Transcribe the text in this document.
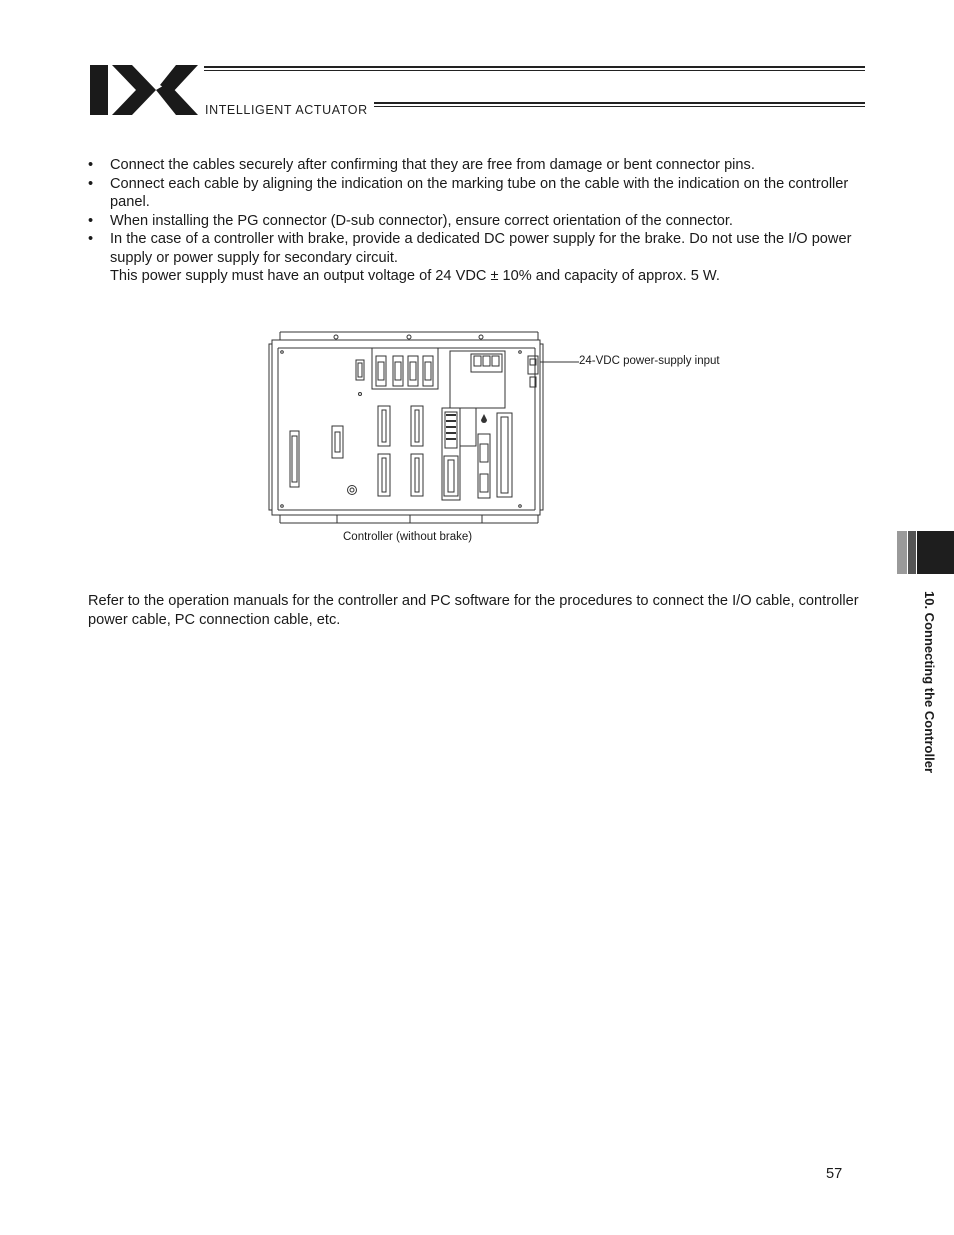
INTELLIGENT ACTUATOR
• Connect the cables securely after confirming that they are free from damage or bent connector pins.
• Connect each cable by aligning the indication on the marking tube on the cable with the indication on the controller panel.
• When installing the PG connector (D-sub connector), ensure correct orientation of the connector.
• In the case of a controller with brake, provide a dedicated DC power supply for the brake. Do not use the I/O power supply or power supply for secondary circuit.
This power supply must have an output voltage of 24 VDC ± 10% and capacity of approx. 5 W.
24-VDC power-supply input
Controller (without brake)

Refer to the operation manuals for the controller and PC software for the procedures to connect the I/O cable, controller power cable, PC connection cable, etc.	10. Connecting the Controller
57
